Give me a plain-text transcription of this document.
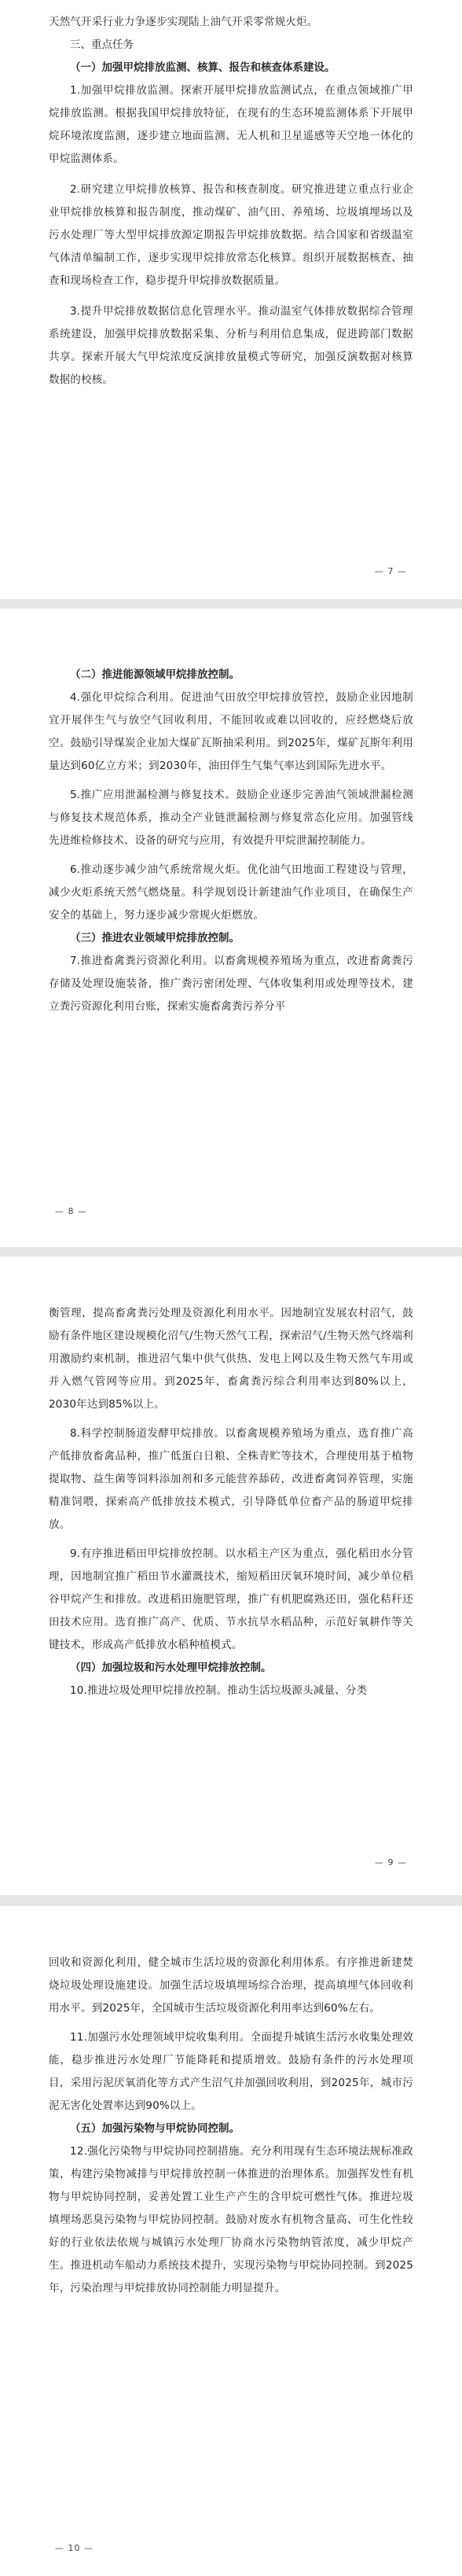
天然气开采行业力争逐步实现陆上油气开采零常规火炬。

三、重点任务
（一）加强甲烷排放监测、核算、报告和核查体系建设。

1.加强甲烷排放监测。探索开展甲烷排放监测试点，在重点领域推广甲烷排放监测。根据我国甲烷排放特征，在现有的生态环境监测体系下开展甲烷环境浓度监测，逐步建立地面监测、无人机和卫星遥感等天空地一体化的甲烷监测体系。

2.研究建立甲烷排放核算、报告和核查制度。研究推进建立重点行业企业甲烷排放核算和报告制度，推动煤矿、油气田、养殖场、垃圾填埋场以及污水处理厂等大型甲烷排放源定期报告甲烷排放数据。结合国家和省级温室气体清单编制工作，逐步实现甲烷排放常态化核算。组织开展数据核查、抽查和现场检查工作，稳步提升甲烷排放数据质量。

3.提升甲烷排放数据信息化管理水平。推动温室气体排放数据综合管理系统建设，加强甲烷排放数据采集、分析与利用信息集成，促进跨部门数据共享。探索开展大气甲烷浓度反演排放量模式等研究，加强反演数据对核算数据的校核。

— 7 —
（二）推进能源领域甲烷排放控制。

4.强化甲烷综合利用。促进油气田放空甲烷排放管控，鼓励企业因地制宜开展伴生气与放空气回收利用，不能回收或难以回收的，应经燃烧后放空。鼓励引导煤炭企业加大煤矿瓦斯抽采利用。到2025年，煤矿瓦斯年利用量达到60亿立方米；到2030年，油田伴生气集气率达到国际先进水平。

5.推广应用泄漏检测与修复技术。鼓励企业逐步完善油气领域泄漏检测与修复技术规范体系，推动全产业链泄漏检测与修复常态化应用。加强管线先进维检修技术、设备的研究与应用，有效提升甲烷泄漏控制能力。

6.推动逐步减少油气系统常规火炬。优化油气田地面工程建设与管理，减少火炬系统天然气燃烧量。科学规划设计新建油气作业项目，在确保生产安全的基础上，努力逐步减少常规火炬燃放。

（三）推进农业领域甲烷排放控制。

7.推进畜禽粪污资源化利用。以畜禽规模养殖场为重点，改进畜禽粪污存储及处理设施装备，推广粪污密闭处理、气体收集利用或处理等技术，建立粪污资源化利用台账，探索实施畜禽粪污养分平

— 8 —

衡管理，提高畜禽粪污处理及资源化利用水平。因地制宜发展农村沼气，鼓励有条件地区建设规模化沼气/生物天然气工程，探索沼气/生物天然气终端利用激励约束机制，推进沼气集中供气供热、发电上网以及生物天然气车用或并入燃气管网等应用。到2025年，畜禽粪污综合利用率达到80%以上，2030年达到85%以上。

8.科学控制肠道发酵甲烷排放。以畜禽规模养殖场为重点，选育推广高产低排放畜禽品种，推广低蛋白日粮、全株青贮等技术，合理使用基于植物提取物、益生菌等饲料添加剂和多元能营养舔砖，改进畜禽饲养管理，实施精准饲喂，探索高产低排放技术模式，引导降低单位畜产品的肠道甲烷排放。

9.有序推进稻田甲烷排放控制。以水稻主产区为重点，强化稻田水分管理，因地制宜推广稻田节水灌溉技术，缩短稻田厌氧环境时间，减少单位稻谷甲烷产生和排放。改进稻田施肥管理，推广有机肥腐熟还田，强化秸秆还田技术应用。选育推广高产、优质、节水抗旱水稻品种，示范好氧耕作等关键技术，形成高产低排放水稻种植模式。

（四）加强垃圾和污水处理甲烷排放控制。

10.推进垃圾处理甲烷排放控制。推动生活垃圾源头减量、分类

— 9 —

回收和资源化利用，健全城市生活垃圾的资源化利用体系。有序推进新建焚烧垃圾处理设施建设。加强生活垃圾填埋场综合治理，提高填埋气体回收利用水平。到2025年，全国城市生活垃圾资源化利用率达到60%左右。

11.加强污水处理领域甲烷收集利用。全面提升城镇生活污水收集处理效能，稳步推进污水处理厂节能降耗和提质增效。鼓励有条件的污水处理项目，采用污泥厌氧消化等方式产生沼气并加强回收利用，到2025年，城市污泥无害化处置率达到90%以上。

（五）加强污染物与甲烷协同控制。

12.强化污染物与甲烷协同控制措施。充分利用现有生态环境法规标准政策，构建污染物减排与甲烷排放控制一体推进的治理体系。加强挥发性有机物与甲烷协同控制，妥善处置工业生产产生的含甲烷可燃性气体。推进垃圾填埋场恶臭污染物与甲烷协同控制。鼓励对废水有机物含量高、可生化性较好的行业依法依规与城镇污水处理厂协商水污染物纳管浓度，减少甲烷产生。推进机动车船动力系统技术提升，实现污染物与甲烷协同控制。到2025年，污染治理与甲烷排放协同控制能力明显提升。

— 10 —
